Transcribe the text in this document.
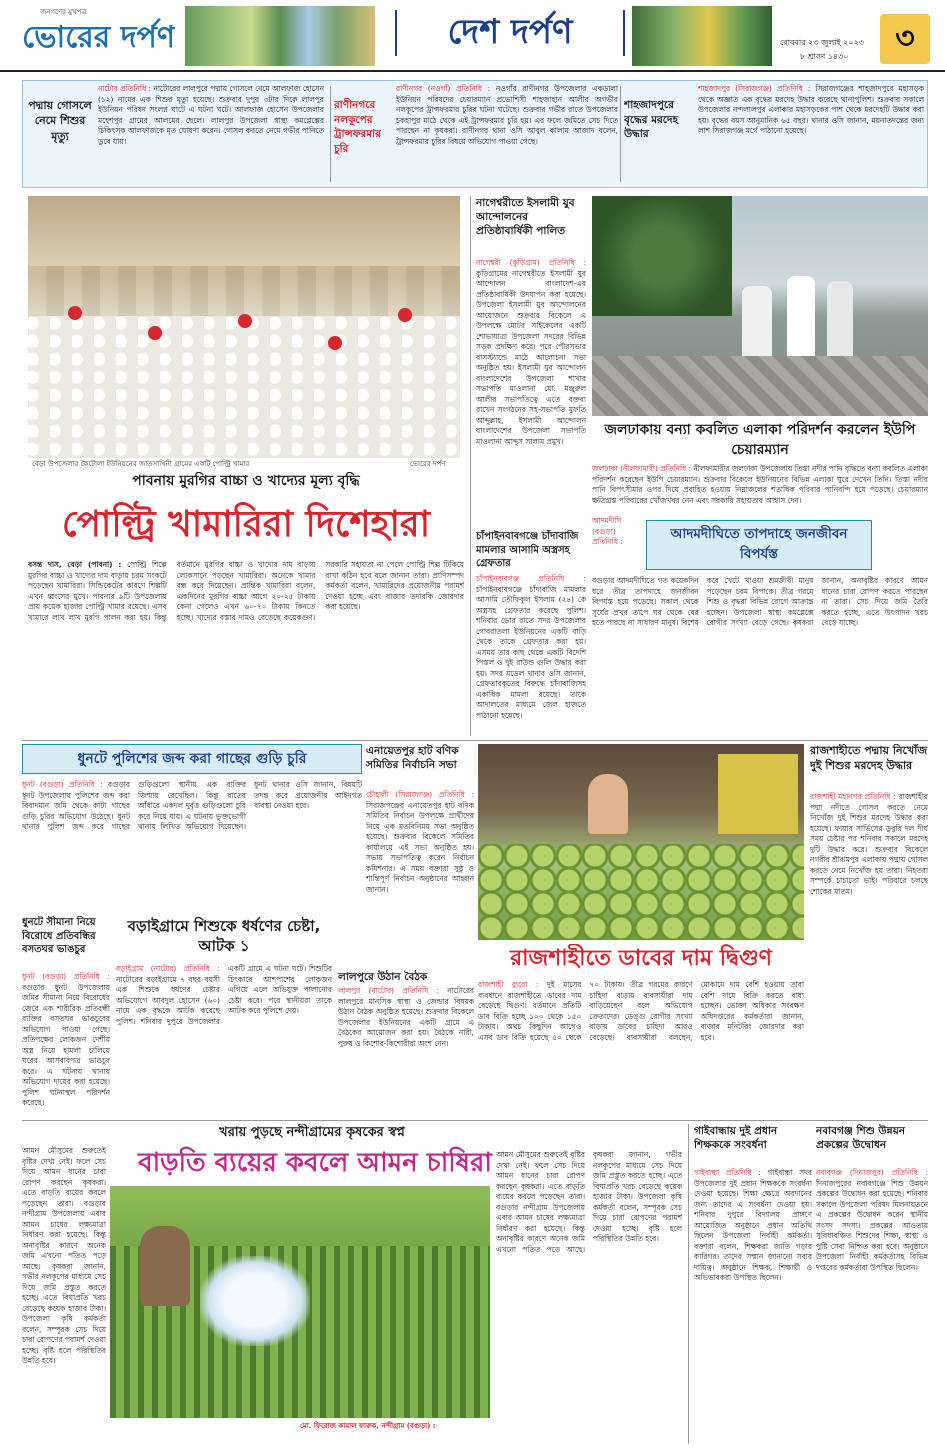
জনগণের মুখপত্র
ভোরের দর্পণ	দেশ দর্পণ	রোববার ২৩ জুলাই ২০২৩
৮ শ্রাবণ ১৪৩০
৩
পদ্মায় গোসলে নেমে শিশুর মৃত্যু
নাটোর প্রতিনিধি : নাটোরের লালপুরে পদ্মায় গোসলে নেমে আলফাজ হোসেন (১২) নামের এক শিশুর মৃত্যু হয়েছে। শুক্রবার দুপুর ৩টার দিকে লালপুর ইউনিয়ন পরিষদ সংলগ্ন ঘাটে এ ঘটনা ঘটে। আলফাজ হোসেন উপজেলার মহেশপুর গ্রামের আলমের ছেলে। লালপুর উপজেলা স্বাস্থ্য কমপ্লেক্সের চিকিৎসক আলফাজকে মৃত ঘোষণা করেন। গোসল করতে নেমে গভীর পানিতে ডুবে যায়।
রাণীনগরে নলকূপের ট্রান্সফরমার চুরি
রাণীনগর (নওগাঁ) প্রতিনিধি : নওগাঁর রাণীনগর উপজেলার একডালা ইউনিয়ন পরিষদের চেয়ারম্যান প্রভোশিসী শাহজাহান আলীর অগভীর নলকূপের ট্রান্সফরমার চুরির ঘটনা ঘটেছে। শুক্রবার গভীর রাতে উপজেলার চকহাপুর মাঠে থেকে এই ট্রান্সফরমার চুরি হয়। এর ফলে জমিতে সেচ দিতে পারছেন না কৃষকরা। রাণীনগর থানা ওসি আবুল কালাম আজাদ বলেন, ট্রান্সফরমার চুরির বিষয়ে অভিযোগ পাওয়া গেছে।
শাহজাদপুরে বৃদ্ধের মরদেহ উদ্ধার
শাহজাদপুর (সিরাজগঞ্জ) প্রতিনিধি : সিরাজগঞ্জের শাহজাদপুরে মহাসড়ক থেকে অজ্ঞাত এক বৃদ্ধের মরদেহ উদ্ধার করেছে থানাপুলিশ। শুক্রবার সকালে উপজেলার নন্দলালপুর এলাকার মহাসড়কের পাশ থেকে মরদেহটি উদ্ধার করা হয়। বৃদ্ধের বয়স আনুমানিক ৬৫ বছর। থানার ওসি জানান, ময়নাতদন্তের জন্য লাশ সিরাজগঞ্জ মর্গে পাঠানো হয়েছে।
বেড়া উপজেলার কৈটোলা ইউনিয়নের জাতসাখিনী গ্রামের একটি পোল্ট্রি খামার	ভোরের দর্পণ
পাবনায় মুরগির বাচ্চা ও খাদ্যের মূল্য বৃদ্ধি
পোল্ট্রি খামারিরা দিশেহারা
বসন্ত দাস, বেড়া (পাবনা) : পোল্ট্রি শিল্পে মুরগির বাচ্চা ও খাদ্যের দাম বাড়ায় চরম সংকটে পড়েছেন খামারিরা। সিন্ডিকেটের কারণে শিল্পটি এখন ধ্বংসের মুখে। পাবনার ৯টি উপজেলায় প্রায় কয়েক হাজার পোল্ট্রি খামার রয়েছে। এসব খামারে লাখ লাখ মুরগি পালন করা হয়। কিন্তু বর্তমানে মুরগির বাচ্চা ও খাদ্যের দাম বাড়ায় লোকসানে পড়ছেন খামারিরা। অনেকে খামার বন্ধ করে দিয়েছেন। প্রান্তিক খামারিরা বলেন, একদিনের মুরগির বাচ্চা আগে ২০-২৫ টাকায় কেনা গেলেও এখন ৬০-৭০ টাকায় কিনতে হচ্ছে। খাদ্যের বস্তার দামও বেড়েছে কয়েকগুণ। সরকারি সহায়তা না পেলে পোল্ট্রি শিল্প টিকিয়ে রাখা কঠিন হবে বলে জানান তারা। প্রাণিসম্পদ কর্মকর্তা বলেন, খামারিদের প্রয়োজনীয় পরামর্শ দেওয়া হচ্ছে এবং বাজার তদারকি জোরদার করা হয়েছে।
নাগেশ্বরীতে ইসলামী যুব আন্দোলনের প্রতিষ্ঠাবার্ষিকী পালিত
নাগেশ্বরী (কুড়িগ্রাম) প্রতিনিধি : কুড়িগ্রামের নাগেশ্বরীতে ইসলামী যুব আন্দোলন বাংলাদেশ-এর প্রতিষ্ঠাবার্ষিকী উদযাপন করা হয়েছে। উপজেলা ইসলামী যুব আন্দোলনের আয়োজনে শুক্রবার বিকেলে এ উপলক্ষে মোটর সাইকেলের একটি শোভাযাত্রা উপজেলা সদরের বিভিন্ন সড়ক প্রদক্ষিণ করে। পরে পৌরসভার বাসস্ট্যান্ডে মাঠে আলোচনা সভা অনুষ্ঠিত হয়। ইসলামী যুব আন্দোলন বাংলাদেশের উপজেলা শাখার সভাপতি মাওলানা মো. মঞ্জুরুল আলীর সভাপতিত্বে এতে বক্তব্য রাখেন সংগঠনের সহ-সভাপতি মুফতি আব্দুল্লাহ, ইসলামী আন্দোলন বাংলাদেশের উপজেলা সভাপতি মাওলানা আব্দুস সালাম প্রমুখ।
চাঁপাইনবাবগঞ্জে চাঁদাবাজি মামলার আসামি অস্ত্রসহ গ্রেফতার
চাঁপাইনবাবগঞ্জ প্রতিনিধি : চাঁপাইনবাবগঞ্জে চাঁদাবাজি মামলার আসামি তৌফিকুল ইসলাম (২৪) কে অস্ত্রসহ গ্রেফতার করেছে পুলিশ। শনিবার ভোর রাতে সদর উপজেলার গোবরাতলা ইউনিয়নের একটি বাড়ি থেকে তাকে গ্রেফতার করা হয়। এসময় তার কাছ থেকে একটি বিদেশি পিস্তল ও দুই রাউন্ড গুলি উদ্ধার করা হয়। সদর মডেল থানার ওসি জানান, গ্রেফতারকৃতের বিরুদ্ধে চাঁদাবাজিসহ একাধিক মামলা রয়েছে। তাকে আদালতের মাধ্যমে জেল হাজতে পাঠানো হয়েছে।
জলঢাকায় বন্যা কবলিত এলাকা পরিদর্শন করলেন ইউপি চেয়ারম্যান
জলঢাকা (নীলফামারী) প্রতিনিধি : নীলফামারীর জলঢাকা উপজেলায় তিস্তা নদীর পানি বৃদ্ধিতে বন্যা কবলিত এলাকা পরিদর্শন করেছেন ইউপি চেয়ারম্যান। শুক্রবার বিকেলে ইউনিয়নের বিভিন্ন এলাকা ঘুরে দেখেন তিনি। তিস্তা নদীর পানি বিপৎসীমার ওপর দিয়ে প্রবাহিত হওয়ায় নিম্নাঞ্চলের শতাধিক পরিবার পানিবন্দি হয়ে পড়েছে। চেয়ারম্যান ক্ষতিগ্রস্ত পরিবারের খোঁজখবর নেন এবং সরকারি সহায়তার আশ্বাস দেন।
আদমদীঘিতে তাপদাহে জনজীবন বিপর্যস্ত
আদমদীঘি (বগুড়া) প্রতিনিধি :
বগুড়ার আদমদীঘিতে গত কয়েকদিন ধরে তীব্র তাপদাহে জনজীবন বিপর্যস্ত হয়ে পড়েছে। সকাল থেকে সূর্যের প্রখর তাপে ঘর থেকে বের হতে পারছে না সাধারণ মানুষ। বিশেষ করে খেটে খাওয়া শ্রমজীবী মানুষ পড়েছেন চরম বিপাকে। তীব্র গরমে শিশু ও বৃদ্ধরা বিভিন্ন রোগে আক্রান্ত হচ্ছেন। উপজেলা স্বাস্থ্য কমপ্লেক্সে রোগীর সংখ্যা বেড়ে গেছে। কৃষকরা জানান, অনাবৃষ্টির কারণে আমন ধানের চারা রোপণ করতে পারছেন না তারা। সেচ দিয়ে জমি তৈরি করতে হচ্ছে, এতে উৎপাদন খরচ বেড়ে যাচ্ছে।
ধুনটে পুলিশের জব্দ করা গাছের গুড়ি চুরি
ধুনট (বগুড়া) প্রতিনিধি : বগুড়ার ধুনট উপজেলায় পুলিশের জব্দ করা বিবাদমান জমি থেকে কাটা গাছের গুড়ি চুরির অভিযোগ উঠেছে। ধুনট থানার পুলিশ জব্দ করে গাছের গুড়িগুলো স্থানীয় এক ব্যক্তির জিম্মায় রেখেছিল। কিন্তু রাতের আঁধারে একদল দুর্বৃত্ত গুড়িগুলো চুরি করে নিয়ে যায়। এ ঘটনায় ভুক্তভোগী থানায় লিখিত অভিযোগ দিয়েছেন। ধুনট থানার ওসি জানান, বিষয়টি তদন্ত করে প্রয়োজনীয় আইনগত ব্যবস্থা নেওয়া হবে।
এনায়েতপুর হাট বণিক সমিতির নির্বাচনি সভা
চৌহালী (সিরাজগঞ্জ) প্রতিনিধি : সিরাজগঞ্জের এনায়েতপুর হাট বণিক সমিতির নির্বাচন উপলক্ষে প্রার্থীদের নিয়ে এক মতবিনিময় সভা অনুষ্ঠিত হয়েছে। শুক্রবার বিকেলে সমিতির কার্যালয়ে এই সভা অনুষ্ঠিত হয়। সভায় সভাপতিত্ব করেন নির্বাচন কমিশনার। এ সময় বক্তারা সুষ্ঠু ও শান্তিপূর্ণ নির্বাচন অনুষ্ঠানের আহ্বান জানান।
রাজশাহীতে পদ্মায় নিখোঁজ দুই শিশুর মরদেহ উদ্ধার
রাজশাহী মহানগর প্রতিনিধি : রাজশাহীর পদ্মা নদীতে গোসল করতে নেমে নিখোঁজ দুই শিশুর মরদেহ উদ্ধার করা হয়েছে। ফায়ার সার্ভিসের ডুবুরি দল দীর্ঘ সময় চেষ্টার পর শনিবার সকালে মরদেহ দুটি উদ্ধার করে। শুক্রবার বিকেলে নগরীর শ্রীরামপুর এলাকায় পদ্মায় গোসল করতে নেমে নিখোঁজ হয় তারা। নিহতরা সম্পর্কে চাচাতো ভাই। পরিবারে চলছে শোকের মাতম।
ধুনটে সীমানা নিয়ে বিরোধে প্রতিবন্ধির বসতঘর ভাঙচুর
ধুনট (বগুড়া) প্রতিনিধি : বগুড়ার ধুনট উপজেলায় জমির সীমানা নিয়ে বিরোধের জেরে এক শারীরিক প্রতিবন্ধী ব্যক্তির বসতঘর ভাঙচুরের অভিযোগ পাওয়া গেছে। প্রতিপক্ষের লোকজন দেশীয় অস্ত্র নিয়ে হামলা চালিয়ে ঘরের আসবাবপত্র ভাঙচুর করে। এ ঘটনায় থানায় অভিযোগ দায়ের করা হয়েছে। পুলিশ ঘটনাস্থল পরিদর্শন করেছে।
বড়াইগ্রামে শিশুকে ধর্ষণের চেষ্টা, আটক ১
বড়াইগ্রাম (নাটোর) প্রতিনিধি : নাটোরের বড়াইগ্রামে ৭ বছর বয়সী এক শিশুকে ধর্ষণের চেষ্টার অভিযোগে আবদুল হোসেন (৬০) নামে এক বৃদ্ধকে আটক করেছে পুলিশ। শনিবার দুপুরে উপজেলার একটি গ্রামে এ ঘটনা ঘটে। শিশুটির চিৎকারে আশপাশের লোকজন এগিয়ে এলে অভিযুক্ত পালানোর চেষ্টা করে। পরে স্থানীয়রা তাকে আটক করে পুলিশে দেয়।
লালপুরে উঠান বৈঠক
লালপুর (নাটোর) প্রতিনিধি : নাটোরের লালপুরে মানসিক স্বাস্থ্য ও জেন্ডার বিষয়ক উঠান বৈঠক অনুষ্ঠিত হয়েছে। শুক্রবার বিকেলে উপজেলার ইউনিয়নের একটি গ্রামে এ বৈঠকের আয়োজন করা হয়। বৈঠকে নারী, পুরুষ ও কিশোর-কিশোরীরা অংশ নেন।
রাজশাহীতে ডাবের দাম দ্বিগুণ
রাজশাহী ব্যুরো : দুই মাসের ব্যবধানে রাজশাহীতে ডাবের দাম বেড়েছে দ্বিগুণ। বর্তমানে প্রতিটি ডাব বিক্রি হচ্ছে ১০০ থেকে ১৫০ টাকায়। অথচ কিছুদিন আগেও এসব ডাব বিক্রি হয়েছে ৫০ থেকে ৭০ টাকায়। তীব্র গরমের কারণে চাহিদা বাড়ায় ব্যবসায়ীরা দাম বাড়িয়েছেন বলে অভিযোগ ক্রেতাদের। ডেঙ্গু রোগীর সংখ্যা বাড়ায় ডাবের চাহিদা আরও বেড়েছে। ব্যবসায়ীরা বলছেন, মোকামে দাম বেশি হওয়ায় তারা বেশি দামে বিক্রি করতে বাধ্য হচ্ছেন। ভোক্তা অধিকার সংরক্ষণ অধিদপ্তরের কর্মকর্তারা জানান, বাজার মনিটরিং জোরদার করা হবে।
খরায় পুড়ছে নন্দীগ্রামের কৃষকের স্বপ্ন
বাড়তি ব্যয়ের কবলে আমন চাষিরা
আমন মৌসুমের শুরুতেই বৃষ্টির দেখা নেই। ফলে সেচ দিয়ে আমন ধানের চারা রোপণ করছেন কৃষকরা। এতে বাড়তি ব্যয়ের কবলে পড়েছেন তারা। বগুড়ার নন্দীগ্রাম উপজেলায় এবার আমন চাষের লক্ষ্যমাত্রা নির্ধারণ করা হয়েছে। কিন্তু অনাবৃষ্টির কারণে অনেক জমি এখনো পতিত পড়ে আছে। কৃষকরা জানান, গভীর নলকূপের মাধ্যমে সেচ দিয়ে জমি প্রস্তুত করতে হচ্ছে। এতে বিঘাপ্রতি খরচ বেড়েছে কয়েক হাজার টাকা। উপজেলা কৃষি কর্মকর্তা বলেন, সম্পূরক সেচ দিয়ে চারা রোপণের পরামর্শ দেওয়া হচ্ছে। বৃষ্টি হলে পরিস্থিতির উন্নতি হবে।
মো. ফিরোজ কামাল ফারুক, নন্দীগ্রাম (বগুড়া) :
আমন মৌসুমের শুরুতেই বৃষ্টির দেখা নেই। ফলে সেচ দিয়ে আমন ধানের চারা রোপণ করছেন কৃষকরা। এতে বাড়তি ব্যয়ের কবলে পড়েছেন তারা। বগুড়ার নন্দীগ্রাম উপজেলায় এবার আমন চাষের লক্ষ্যমাত্রা নির্ধারণ করা হয়েছে। কিন্তু অনাবৃষ্টির কারণে অনেক জমি এখনো পতিত পড়ে আছে। কৃষকরা জানান, গভীর নলকূপের মাধ্যমে সেচ দিয়ে জমি প্রস্তুত করতে হচ্ছে। এতে বিঘাপ্রতি খরচ বেড়েছে কয়েক হাজার টাকা। উপজেলা কৃষি কর্মকর্তা বলেন, সম্পূরক সেচ দিয়ে চারা রোপণের পরামর্শ দেওয়া হচ্ছে। বৃষ্টি হলে পরিস্থিতির উন্নতি হবে।
গাইবান্ধায় দুই প্রধান শিক্ষককে সংবর্ধনা
গাইবান্ধা প্রতিনিধি : গাইবান্ধা সদর উপজেলার দুই প্রধান শিক্ষককে সংবর্ধনা দেওয়া হয়েছে। শিক্ষা ক্ষেত্রে অবদানের জন্য তাদের এ সংবর্ধনা দেওয়া হয়। শনিবার দুপুরে বিদ্যালয় প্রাঙ্গণে আয়োজিত অনুষ্ঠানে প্রধান অতিথি ছিলেন উপজেলা নির্বাহী কর্মকর্তা। বক্তারা বলেন, শিক্ষকরা জাতি গড়ার কারিগর। তাদের সম্মান জানানো সবার দায়িত্ব। অনুষ্ঠানে শিক্ষক, শিক্ষার্থী ও অভিভাবকরা উপস্থিত ছিলেন।
নবাবগঞ্জ শিশু উন্নয়ন প্রকল্পের উদ্বোধন
নবাবগঞ্জ (দিনাজপুর) প্রতিনিধি : দিনাজপুরের নবাবগঞ্জে শিশু উন্নয়ন প্রকল্পের উদ্বোধন করা হয়েছে। শনিবার সকালে উপজেলা পরিষদ মিলনায়তনে এ প্রকল্পের উদ্বোধন করেন স্থানীয় সংসদ সদস্য। প্রকল্পের আওতায় সুবিধাবঞ্চিত শিশুদের শিক্ষা, স্বাস্থ্য ও পুষ্টি সেবা নিশ্চিত করা হবে। অনুষ্ঠানে উপজেলা নির্বাহী কর্মকর্তাসহ বিভিন্ন দপ্তরের কর্মকর্তারা উপস্থিত ছিলেন।
